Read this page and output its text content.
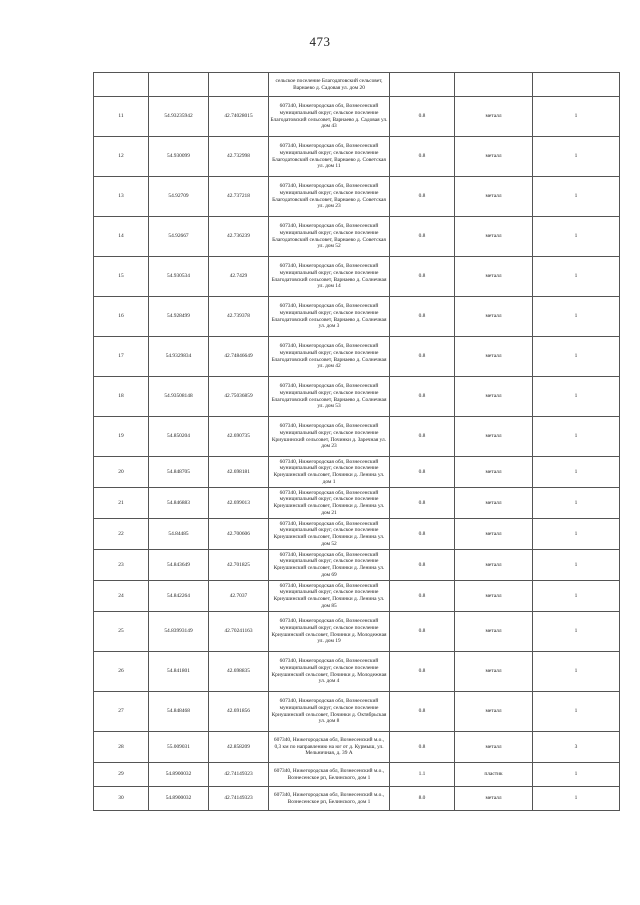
473
			сельское поселение Благодатовский сельсовет, Варнаево д. Садовая ул. дом 20			
11	54.93235942	42.74028015	607340, Нижегородская обл, Вознесенский муниципальный округ, сельское поселение Благодатовский сельсовет, Варнаево д. Садовая ул. дом 43	0.8	металл	1
12	54.930099	42.732998	607340, Нижегородская обл, Вознесенский муниципальный округ, сельское поселение Благодатовский сельсовет, Варнаево д. Советская ул. дом 11	0.8	металл	1
13	54.92709	42.737218	607340, Нижегородская обл, Вознесенский муниципальный округ, сельское поселение Благодатовский сельсовет, Варнаево д. Советская ул. дом 23	0.8	металл	1
14	54.92667	42.736239	607340, Нижегородская обл, Вознесенский муниципальный округ, сельское поселение Благодатовский сельсовет, Варнаево д. Советская ул. дом 52	0.8	металл	1
15	54.930534	42.7429	607340, Нижегородская обл, Вознесенский муниципальный округ, сельское поселение Благодатовский сельсовет, Варнаево д. Солнечная ул. дом 14	0.8	металл	1
16	54.928499	42.739378	607340, Нижегородская обл, Вознесенский муниципальный округ, сельское поселение Благодатовский сельсовет, Варнаево д. Солнечная ул. дом 3	0.8	металл	1
17	54.9329834	42.74846649	607340, Нижегородская обл, Вознесенский муниципальный округ, сельское поселение Благодатовский сельсовет, Варнаево д. Солнечная ул. дом 42	0.8	металл	1
18	54.93508148	42.75036859	607340, Нижегородская обл, Вознесенский муниципальный округ, сельское поселение Благодатовский сельсовет, Варнаево д. Солнечная ул. дом 53	0.8	металл	1
19	54.850204	42.690735	607340, Нижегородская обл, Вознесенский муниципальный округ, сельское поселение Криушинский сельсовет, Починки д. Заречная ул. дом 23	0.8	металл	1
20	54.848705	42.698181	607340, Нижегородская обл, Вознесенский муниципальный округ, сельское поселение Криушинский сельсовет, Починки д. Ленина ул. дом 1	0.8	металл	1
21	54.846883	42.699013	607340, Нижегородская обл, Вознесенский муниципальный округ, сельское поселение Криушинский сельсовет, Починки д. Ленина ул. дом 21	0.8	металл	1
22	54.84485	42.700606	607340, Нижегородская обл, Вознесенский муниципальный округ, сельское поселение Криушинский сельсовет, Починки д. Ленина ул. дом 52	0.8	металл	1
23	54.843649	42.701825	607340, Нижегородская обл, Вознесенский муниципальный округ, сельское поселение Криушинский сельсовет, Починки д. Ленина ул. дом 69	0.8	металл	1
24	54.842264	42.7037	607340, Нижегородская обл, Вознесенский муниципальный округ, сельское поселение Криушинский сельсовет, Починки д. Ленина ул. дом 85	0.8	металл	1
25	54.83993149	42.70241163	607340, Нижегородская обл, Вознесенский муниципальный округ, сельское поселение Криушинский сельсовет, Починки д. Молодежная ул. дом 19	0.8	металл	1
26	54.841801	42.698835	607340, Нижегородская обл, Вознесенский муниципальный округ, сельское поселение Криушинский сельсовет, Починки д. Молодежная ул. дом 4	0.8	металл	1
27	54.848468	42.691856	607340, Нижегородская обл, Вознесенский муниципальный округ, сельское поселение Криушинский сельсовет, Починки д. Октябрьская ул. дом 8	0.8	металл	1
28	55.009031	42.858209	607340, Нижегородская обл, Вознесенский м.о., 0,3 км по направлению на юг от д. Курмыш, ул. Мельничная, д. 39 А	0.8	металл	3
29	54.8900032	42.74149323	607340, Нижегородская обл, Вознесенский м.о., Вознесенское рп, Белинского, дом 1	1.1	пластик	1
30	54.8900032	42.74149323	607340, Нижегородская обл, Вознесенский м.о., Вознесенское рп, Белинского, дом 1	8.0	металл	1
